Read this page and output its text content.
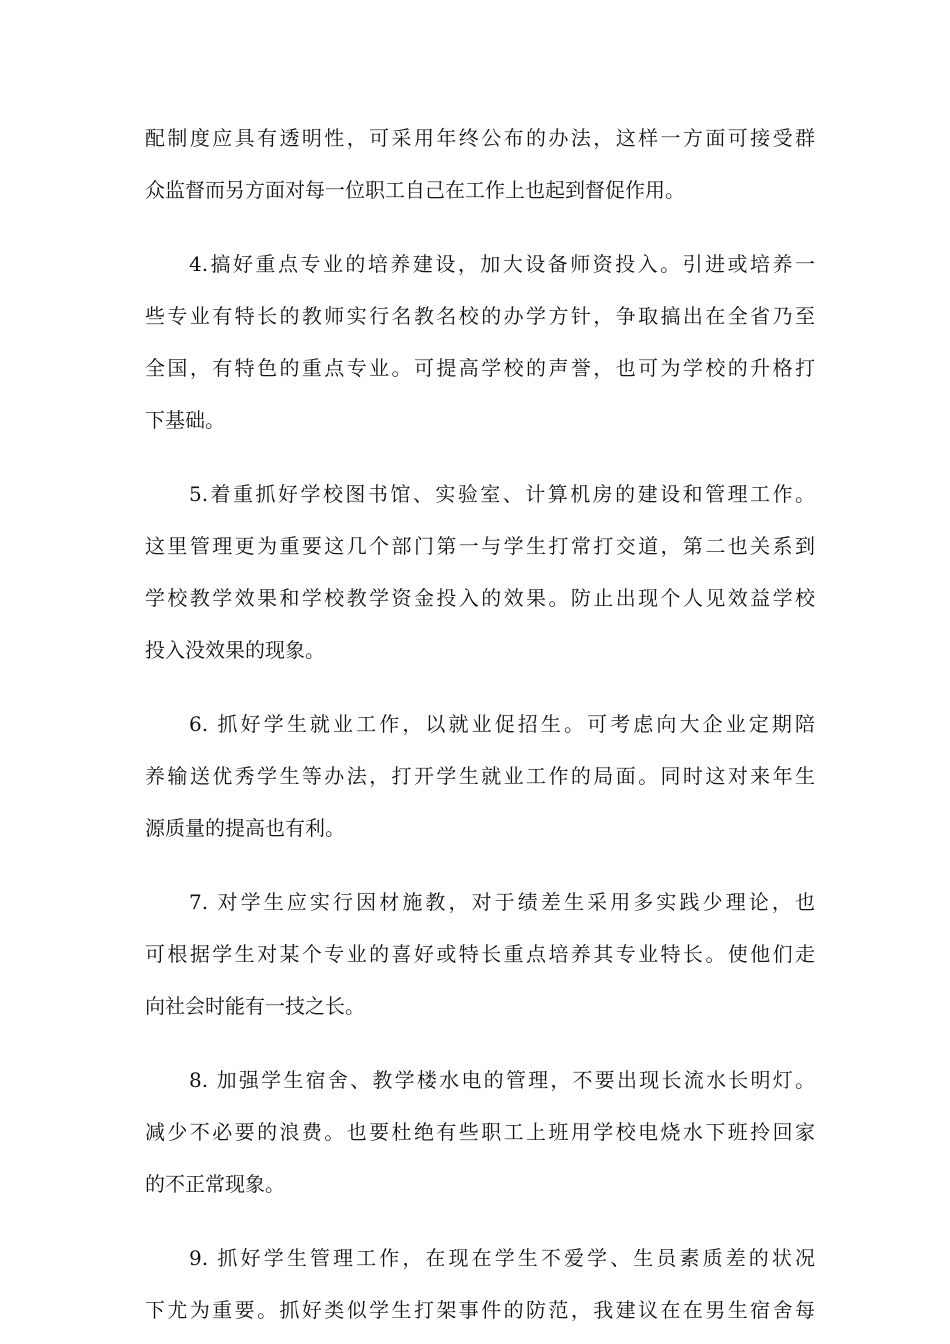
配制度应具有透明性，可采用年终公布的办法，这样一方面可接受群
众监督而另方面对每一位职工自己在工作上也起到督促作用。
4.搞好重点专业的培养建设，加大设备师资投入。引进或培养一
些专业有特长的教师实行名教名校的办学方针，争取搞出在全省乃至
全国，有特色的重点专业。可提高学校的声誉，也可为学校的升格打
下基础。
5.着重抓好学校图书馆、实验室、计算机房的建设和管理工作。
这里管理更为重要这几个部门第一与学生打常打交道，第二也关系到
学校教学效果和学校教学资金投入的效果。防止出现个人见效益学校
投入没效果的现象。
6. 抓好学生就业工作，以就业促招生。可考虑向大企业定期陪
养输送优秀学生等办法，打开学生就业工作的局面。同时这对来年生
源质量的提高也有利。
7. 对学生应实行因材施教，对于绩差生采用多实践少理论，也
可根据学生对某个专业的喜好或特长重点培养其专业特长。使他们走
向社会时能有一技之长。
8. 加强学生宿舍、教学楼水电的管理，不要出现长流水长明灯。
减少不必要的浪费。也要杜绝有些职工上班用学校电烧水下班拎回家
的不正常现象。
9. 抓好学生管理工作，在现在学生不爱学、生员素质差的状况
下尤为重要。抓好类似学生打架事件的防范，我建议在在男生宿舍每
